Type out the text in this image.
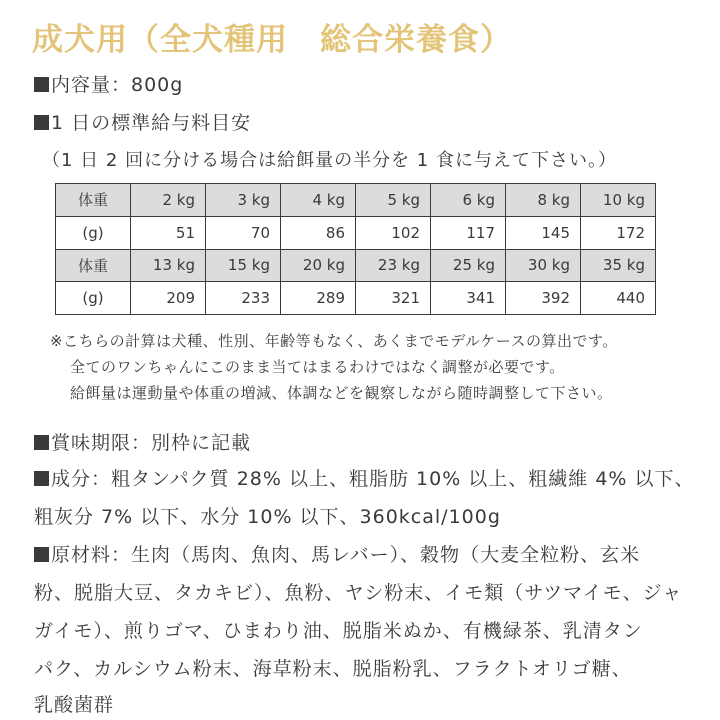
成犬用（全犬種用　総合栄養食）
内容量：800g
1 日の標準給与料目安
（1 日 2 回に分ける場合は給餌量の半分を 1 食に与えて下さい。）
体重	2 kg	3 kg	4 kg	5 kg	6 kg	8 kg	10 kg
(g)	51	70	86	102	117	145	172
体重	13 kg	15 kg	20 kg	23 kg	25 kg	30 kg	35 kg
(g)	209	233	289	321	341	392	440
※こちらの計算は犬種、性別、年齢等もなく、あくまでモデルケースの算出です。
全てのワンちゃんにこのまま当てはまるわけではなく調整が必要です。
給餌量は運動量や体重の増減、体調などを観察しながら随時調整して下さい。
賞味期限：別枠に記載
成分：粗タンパク質 28% 以上、粗脂肪 10% 以上、粗繊維 4% 以下、
粗灰分 7% 以下、水分 10% 以下、360kcal/100g
原材料：生肉（馬肉、魚肉、馬レバー）、穀物（大麦全粒粉、玄米
粉、脱脂大豆、タカキビ）、魚粉、ヤシ粉末、イモ類（サツマイモ、ジャ
ガイモ）、煎りゴマ、ひまわり油、脱脂米ぬか、有機緑茶、乳清タン
パク、カルシウム粉末、海草粉末、脱脂粉乳、フラクトオリゴ糖、
乳酸菌群
